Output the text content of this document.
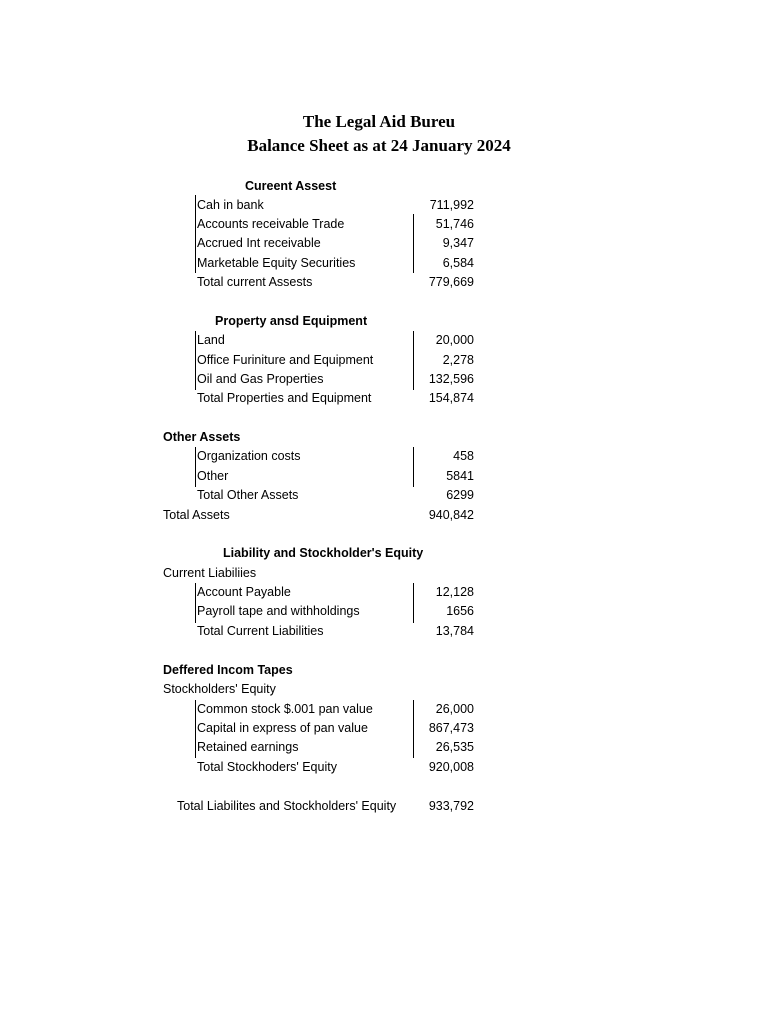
The Legal Aid Bureu
Balance Sheet as at 24 January 2024
Cureent Assest
Cah in bank	711,992
Accounts receivable Trade	51,746
Accrued Int receivable	9,347
Marketable Equity Securities	6,584
Total current Assests	779,669
Property ansd Equipment
Land	20,000
Office Furiniture and Equipment	2,278
Oil and Gas Properties	132,596
Total Properties and Equipment	154,874
Other Assets
Organization costs	458
Other	5841
Total Other Assets	6299
Total Assets	940,842
Liability and Stockholder's Equity
Current Liabiliies
Account Payable	12,128
Payroll tape and withholdings	1656
Total Current Liabilities	13,784
Deffered Incom Tapes
Stockholders' Equity
Common stock $.001 pan value	26,000
Capital in express of pan value	867,473
Retained earnings	26,535
Total Stockhoders' Equity	920,008
Total Liabilites and Stockholders' Equity	933,792
